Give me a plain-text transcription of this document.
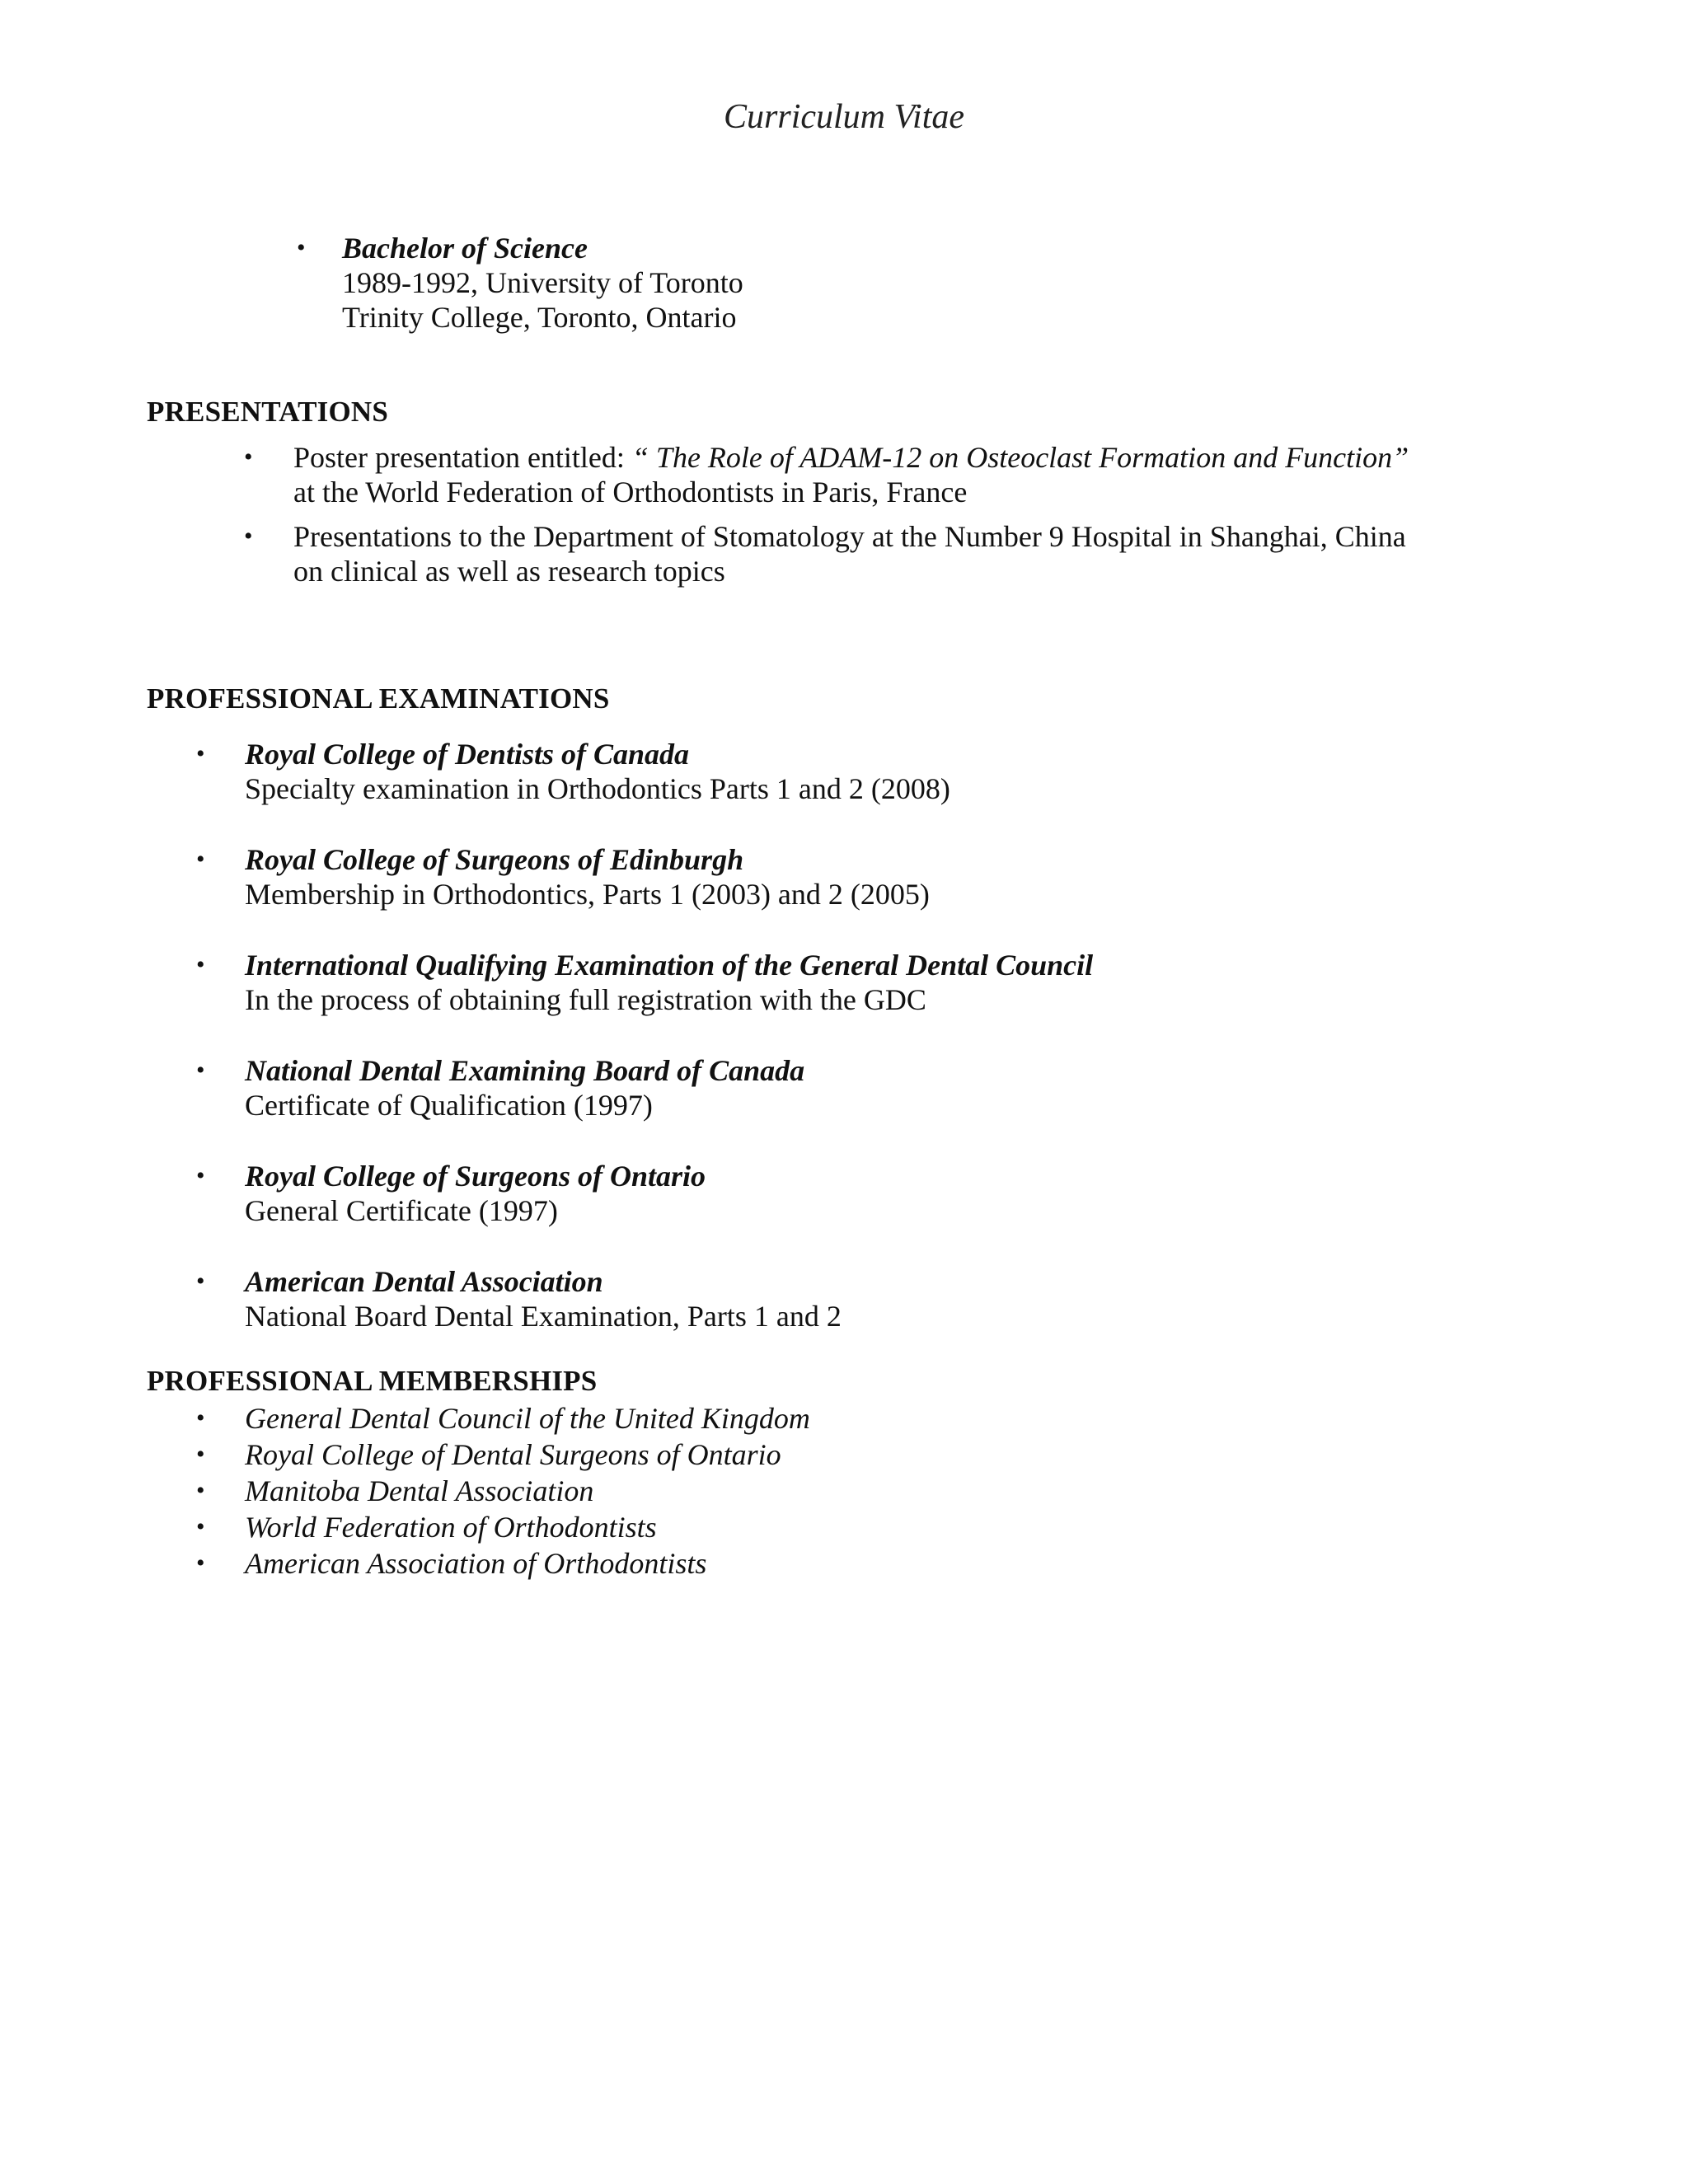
Curriculum Vitae
• Bachelor of Science
1989-1992, University of Toronto
Trinity College, Toronto, Ontario
PRESENTATIONS
• Poster presentation entitled: “ The Role of ADAM-12 on Osteoclast Formation and Function”
at the World Federation of Orthodontists in Paris, France
• Presentations to the Department of Stomatology at the Number 9 Hospital in Shanghai, China
on clinical as well as research topics
PROFESSIONAL EXAMINATIONS
• Royal College of Dentists of Canada
Specialty examination in Orthodontics Parts 1 and 2 (2008)
• Royal College of Surgeons of Edinburgh
Membership in Orthodontics, Parts 1 (2003) and 2 (2005)
• International Qualifying Examination of the General Dental Council
In the process of obtaining full registration with the GDC
• National Dental Examining Board of Canada
Certificate of Qualification (1997)
• Royal College of Surgeons of Ontario
General Certificate (1997)
• American Dental Association
National Board Dental Examination, Parts 1 and 2
PROFESSIONAL MEMBERSHIPS
• General Dental Council of the United Kingdom
• Royal College of Dental Surgeons of Ontario
• Manitoba Dental Association
• World Federation of Orthodontists
• American Association of Orthodontists
